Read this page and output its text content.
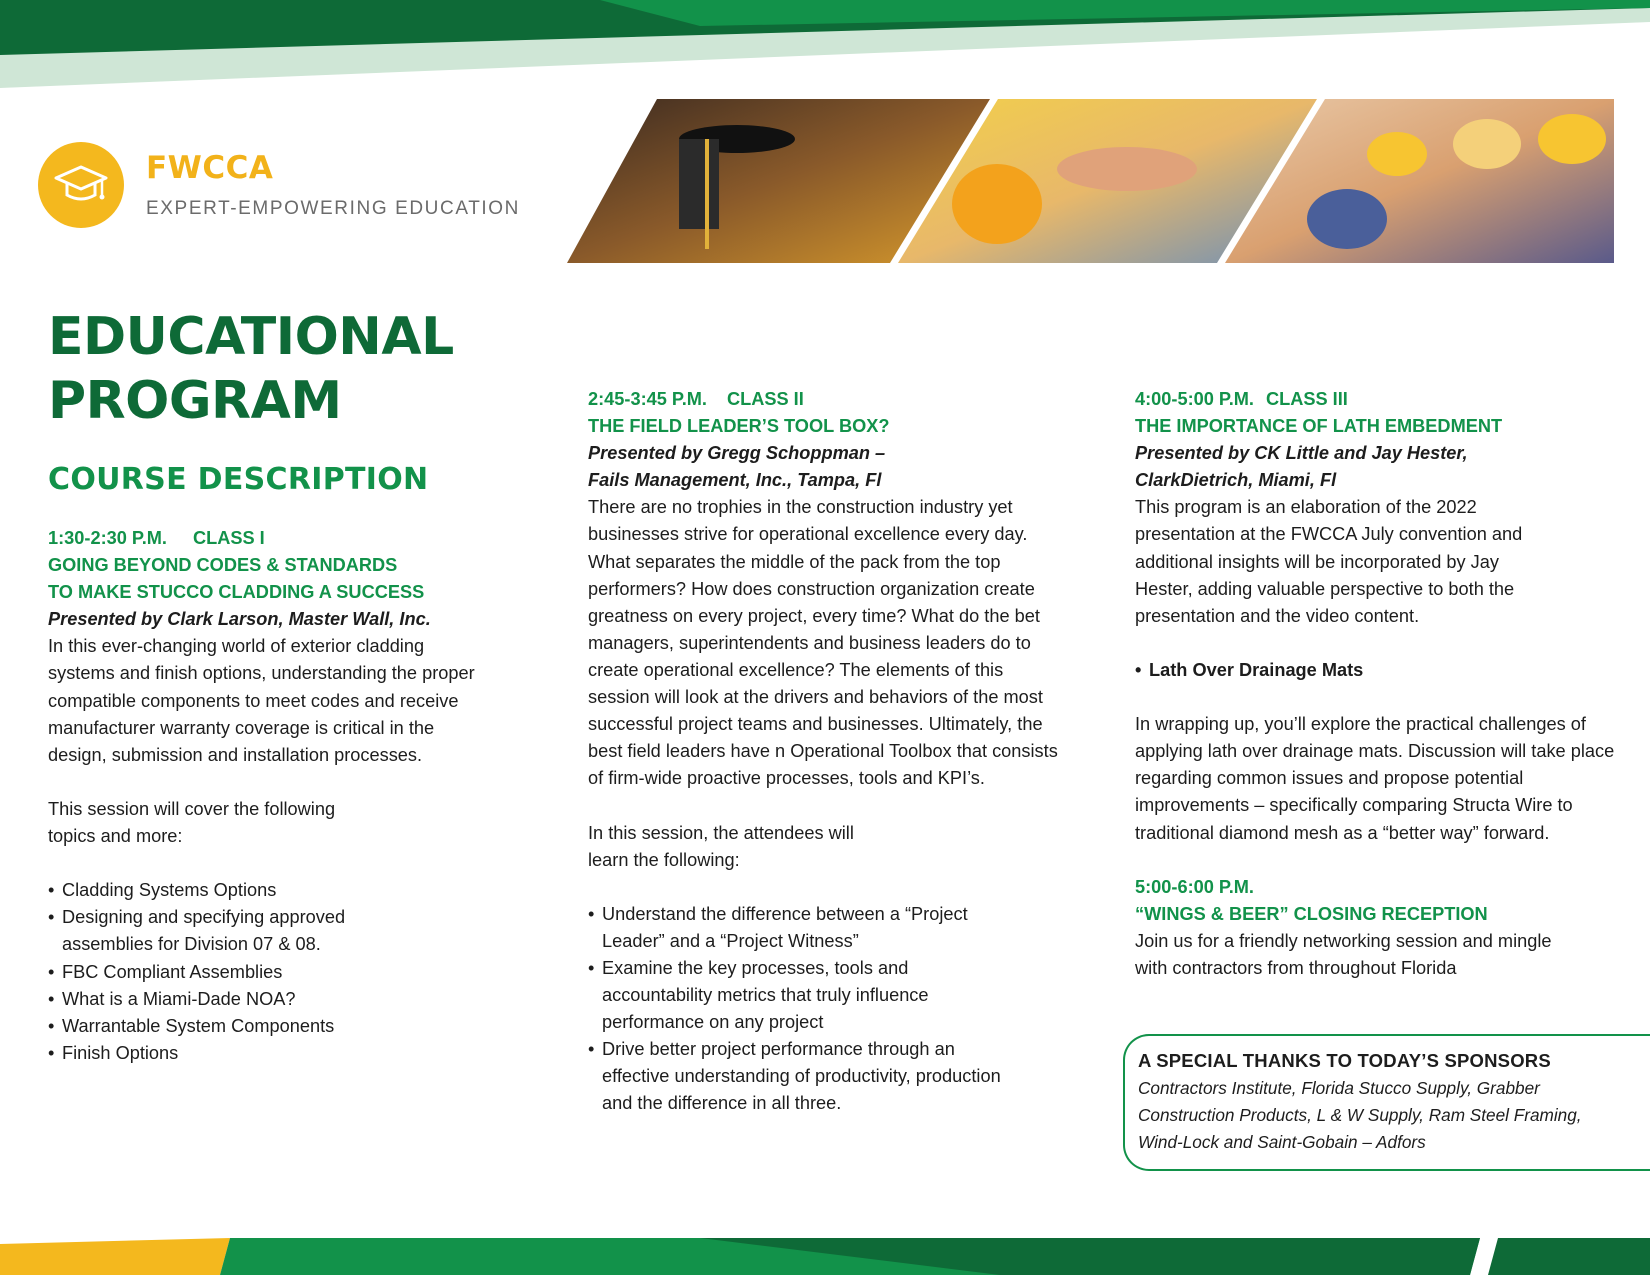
FWCCA
EXPERT-EMPOWERING EDUCATION
EDUCATIONAL
PROGRAM
COURSE DESCRIPTION
1:30-2:30 P.M. CLASS I
GOING BEYOND CODES & STANDARDS
TO MAKE STUCCO CLADDING A SUCCESS
Presented by Clark Larson, Master Wall, Inc.
In this ever-changing world of exterior cladding systems and finish options, understanding the proper compatible components to meet codes and receive manufacturer warranty coverage is critical in the design, submission and installation processes.
This session will cover the following topics and more:
• Cladding Systems Options
• Designing and specifying approved assemblies for Division 07 & 08.
• FBC Compliant Assemblies
• What is a Miami-Dade NOA?
• Warrantable System Components
• Finish Options
2:45-3:45 P.M. CLASS II
THE FIELD LEADER’S TOOL BOX?
Presented by Gregg Schoppman –
Fails Management, Inc., Tampa, Fl
There are no trophies in the construction industry yet businesses strive for operational excellence every day. What separates the middle of the pack from the top performers? How does construction organization create greatness on every project, every time? What do the bet managers, superintendents and business leaders do to create operational excellence? The elements of this session will look at the drivers and behaviors of the most successful project teams and businesses. Ultimately, the best field leaders have n Operational Toolbox that consists of firm-wide proactive processes, tools and KPI’s.
In this session, the attendees will learn the following:
• Understand the difference between a “Project Leader” and a “Project Witness”
• Examine the key processes, tools and accountability metrics that truly influence performance on any project
• Drive better project performance through an effective understanding of productivity, production and the difference in all three.
4:00-5:00 P.M. CLASS III
THE IMPORTANCE OF LATH EMBEDMENT
Presented by CK Little and Jay Hester,
ClarkDietrich, Miami, Fl
This program is an elaboration of the 2022 presentation at the FWCCA July convention and additional insights will be incorporated by Jay Hester, adding valuable perspective to both the presentation and the video content.
• Lath Over Drainage Mats
In wrapping up, you’ll explore the practical challenges of applying lath over drainage mats. Discussion will take place regarding common issues and propose potential improvements – specifically comparing Structa Wire to traditional diamond mesh as a “better way” forward.
5:00-6:00 P.M.
“WINGS & BEER” CLOSING RECEPTION
Join us for a friendly networking session and mingle with contractors from throughout Florida
A SPECIAL THANKS TO TODAY’S SPONSORS
Contractors Institute, Florida Stucco Supply, Grabber Construction Products, L & W Supply, Ram Steel Framing, Wind-Lock and Saint-Gobain – Adfors
